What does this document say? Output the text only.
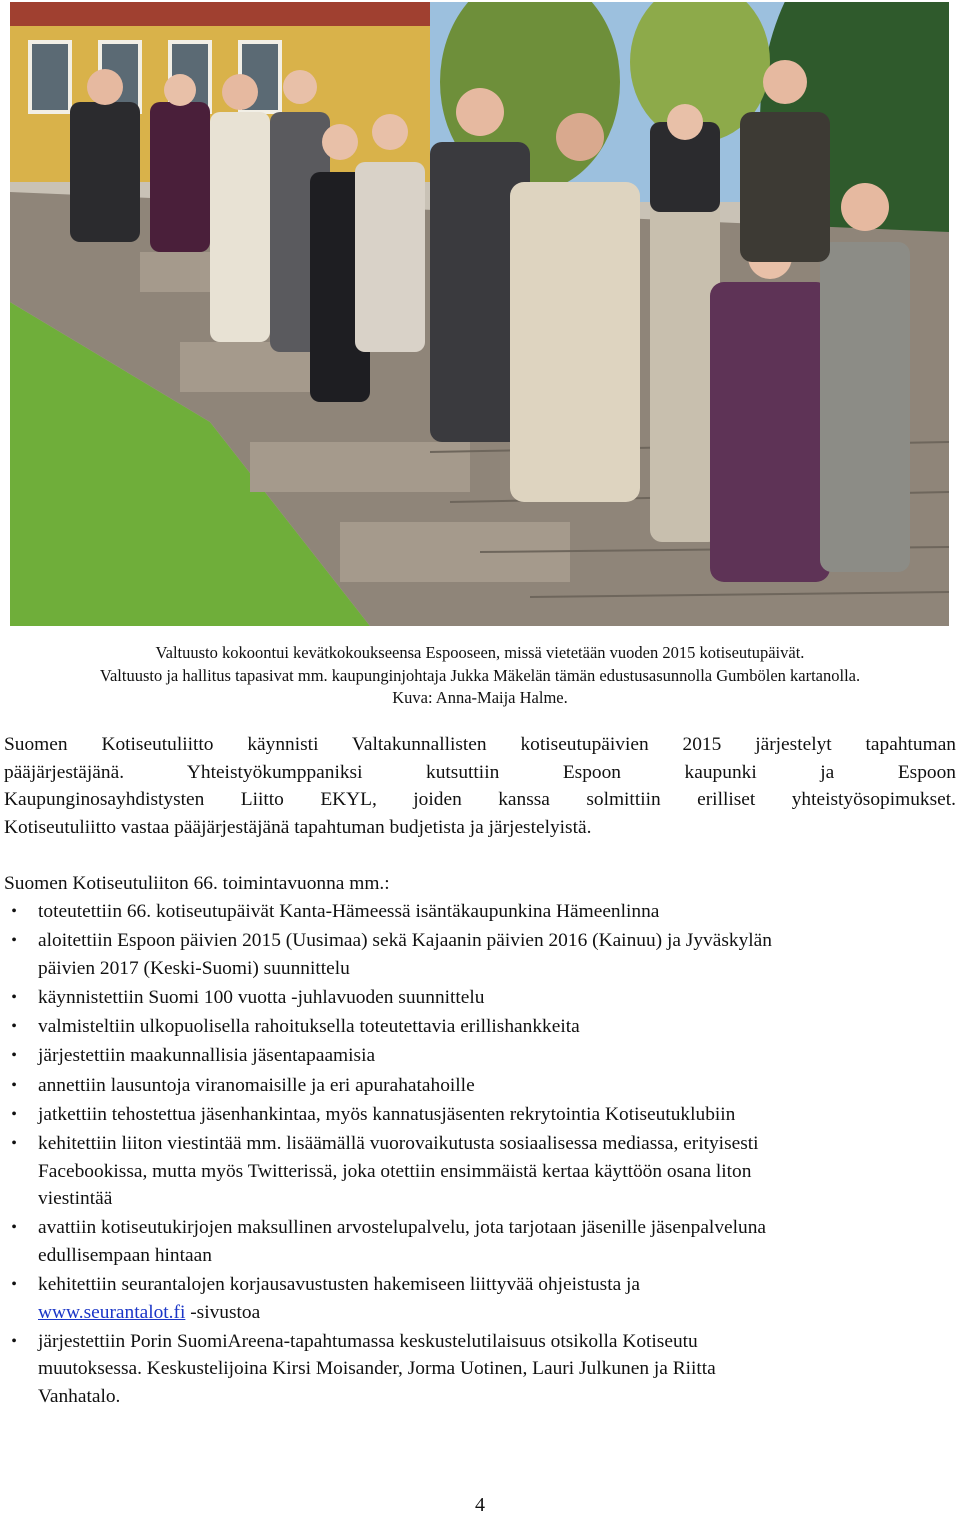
Valtuusto kokoontui kevätkokoukseensa Espooseen, missä vietetään vuoden 2015 kotiseutupäivät.
Valtuusto ja hallitus tapasivat mm. kaupunginjohtaja Jukka Mäkelän tämän edustusasunnolla Gumbölen kartanolla.
Kuva: Anna-Maija Halme.
Suomen Kotiseutuliitto käynnisti Valtakunnallisten kotiseutupäivien 2015 järjestelyt tapahtuman
pääjärjestäjänä. Yhteistyökumppaniksi kutsuttiin Espoon kaupunki ja Espoon
Kaupunginosayhdistysten Liitto EKYL, joiden kanssa solmittiin erilliset yhteistyösopimukset.
Kotiseutuliitto vastaa pääjärjestäjänä tapahtuman budjetista ja järjestelyistä.
Suomen Kotiseutuliiton 66. toimintavuonna mm.:
•	toteutettiin 66. kotiseutupäivät Kanta-Hämeessä isäntäkaupunkina Hämeenlinna
•	aloitettiin Espoon päivien 2015 (Uusimaa) sekä Kajaanin päivien 2016 (Kainuu) ja Jyväskylän
päivien 2017 (Keski-Suomi) suunnittelu
•	käynnistettiin Suomi 100 vuotta -juhlavuoden suunnittelu
•	valmisteltiin ulkopuolisella rahoituksella toteutettavia erillishankkeita
•	järjestettiin maakunnallisia jäsentapaamisia
•	annettiin lausuntoja viranomaisille ja eri apurahatahoille
•	jatkettiin tehostettua jäsenhankintaa, myös kannatusjäsenten rekrytointia Kotiseutuklubiin
•	kehitettiin liiton viestintää mm. lisäämällä vuorovaikutusta sosiaalisessa mediassa, erityisesti
Facebookissa, mutta myös Twitterissä, joka otettiin ensimmäistä kertaa käyttöön osana liton
viestintää
•	avattiin kotiseutukirjojen maksullinen arvostelupalvelu, jota tarjotaan jäsenille jäsenpalveluna
edullisempaan hintaan
•	kehitettiin seurantalojen korjausavustusten hakemiseen liittyvää ohjeistusta ja
www.seurantalot.fi -sivustoa
•	järjestettiin Porin SuomiAreena-tapahtumassa keskustelutilaisuus otsikolla Kotiseutu
muutoksessa. Keskustelijoina Kirsi Moisander, Jorma Uotinen, Lauri Julkunen ja Riitta
Vanhatalo.
4
